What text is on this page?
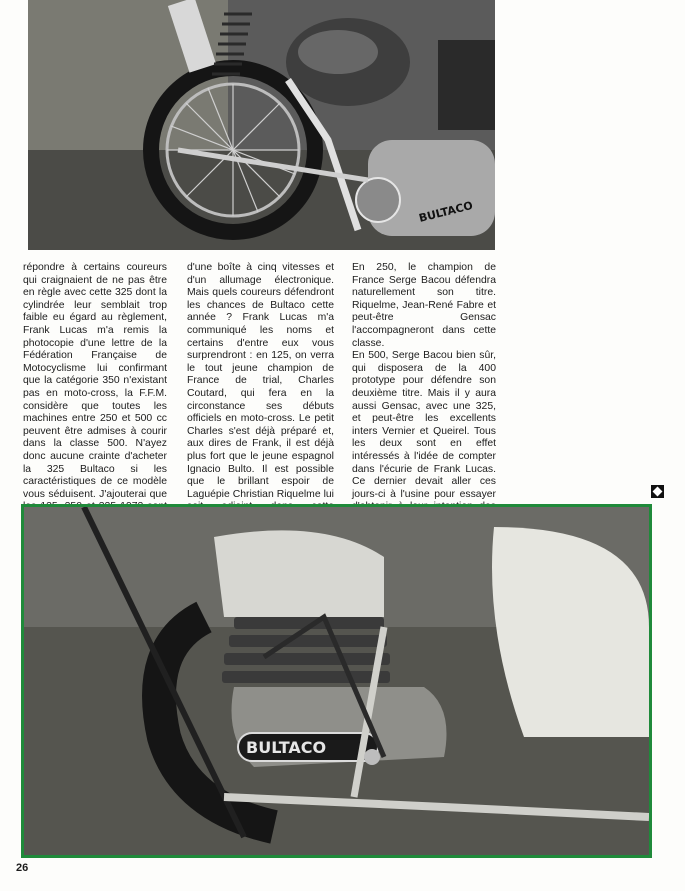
BULTACO

répondre à certains coureurs qui craignaient de ne pas être en règle avec cette 325 dont la cylindrée leur semblait trop faible eu égard au règlement, Frank Lucas m'a remis la photocopie d'une lettre de la Fédération Française de Motocyclisme lui confirmant que la catégorie 350 n'existant pas en moto-cross, la F.F.M. considère que toutes les machines entre 250 et 500 cc peuvent être admises à courir dans la classe 500. N'ayez donc aucune crainte d'acheter la 325 Bultaco si les caractéristiques de ce modèle vous séduisent. J'ajouterai que

d'une boîte à cinq vitesses et d'un allumage électronique. Mais quels coureurs défendront les chances de Bultaco cette année ? Frank Lucas m'a communiqué les noms et certains d'entre eux vous surprendront : en 125, on verra le tout jeune champion de France de trial, Charles Coutard, qui fera en la circonstance ses débuts officiels en moto-cross. Le petit Charles s'est déjà préparé et, aux dires de Frank, il est déjà plus fort que le jeune espagnol Ignacio Bulto. Il est possible que le brillant espoir de Laguépie Christian Riquelme lui

En 250, le champion de France Serge Bacou défendra naturellement son titre. Riquelme, Jean-René Fabre et peut-être Gensac l'accompagneront dans cette classe.

En 500, Serge Bacou bien sûr, qui disposera de la 400 prototype pour défendre son deuxième titre. Mais il y aura aussi Gensac, avec une 325, et peut-être les excellents inters Vernier et Queirel. Tous les deux sont en effet intéressés à l'idée de compter dans l'écurie de Frank Lucas. Ce dernier devait aller ces jours-ci à l'usine pour essayer

BULTACO
26
